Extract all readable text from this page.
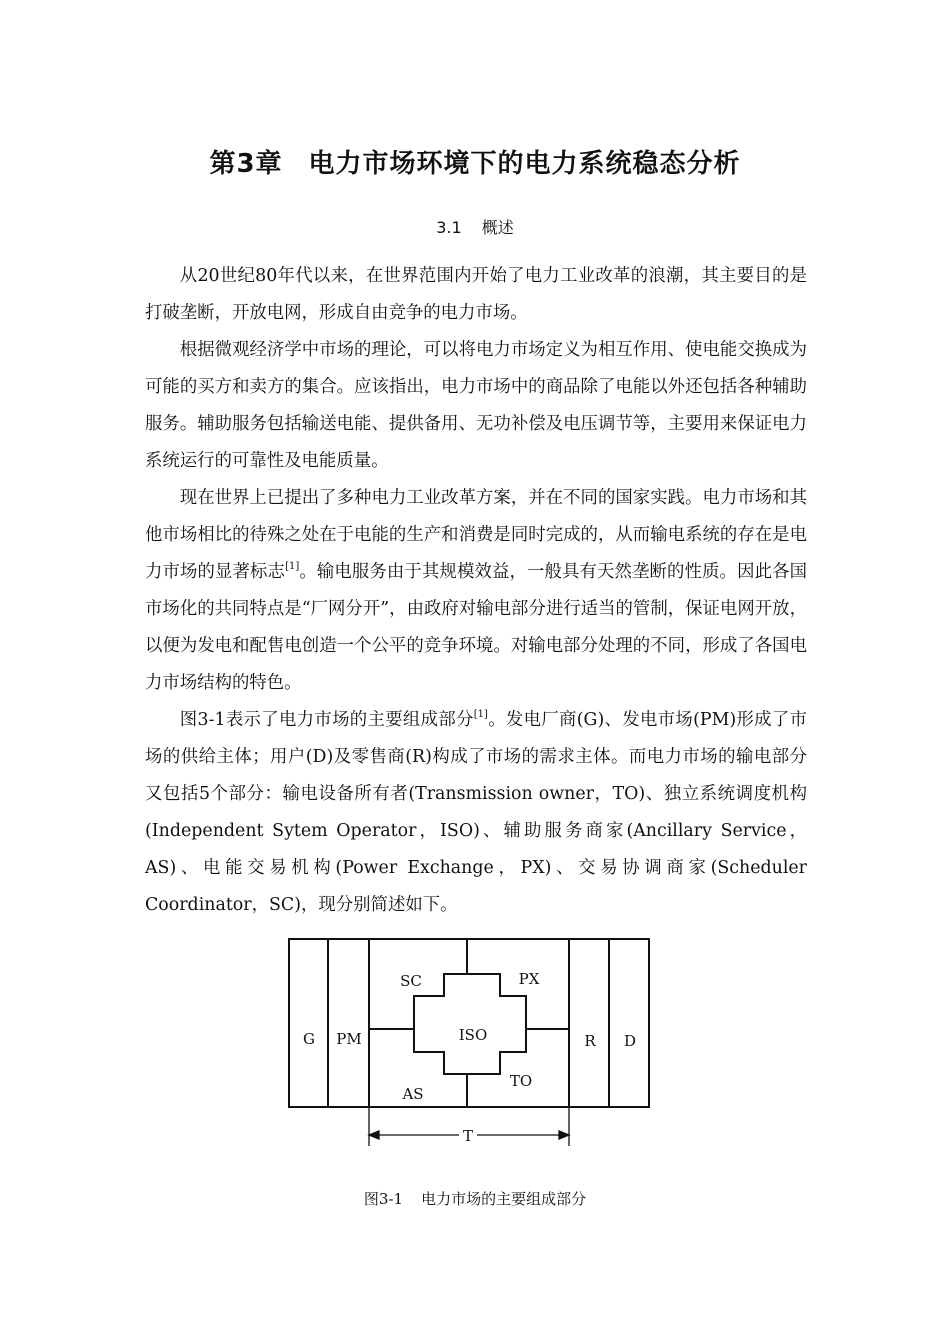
第3章 电力市场环境下的电力系统稳态分析
3.1 概述

从20世纪80年代以来，在世界范围内开始了电力工业改革的浪潮，其主要目的是打破垄断，开放电网，形成自由竞争的电力市场。

根据微观经济学中市场的理论，可以将电力市场定义为相互作用、使电能交换成为可能的买方和卖方的集合。应该指出，电力市场中的商品除了电能以外还包括各种辅助服务。辅助服务包括输送电能、提供备用、无功补偿及电压调节等，主要用来保证电力系统运行的可靠性及电能质量。

现在世界上已提出了多种电力工业改革方案，并在不同的国家实践。电力市场和其他市场相比的待殊之处在于电能的生产和消费是同时完成的，从而输电系统的存在是电力市场的显著标志[1]。输电服务由于其规模效益，一般具有天然垄断的性质。因此各国市场化的共同特点是“厂网分开”，由政府对输电部分进行适当的管制，保证电网开放，以便为发电和配售电创造一个公平的竞争环境。对输电部分处理的不同，形成了各国电力市场结构的特色。

图3-1表示了电力市场的主要组成部分[1]。发电厂商(G)、发电市场(PM)形成了市场的供给主体；用户(D)及零售商(R)构成了市场的需求主体。而电力市场的输电部分又包括5个部分：输电设备所有者(Transmission owner，TO)、独立系统调度机构(Independent Sytem Operator，ISO)、辅助服务商家(Ancillary Service，AS)、电能交易机构(Power Exchange，PX)、交易协调商家(Scheduler Coordinator，SC)，现分别简述如下。

G PM
SC	PX
ISO
AS
TO
R D
T
图3-1 电力市场的主要组成部分
